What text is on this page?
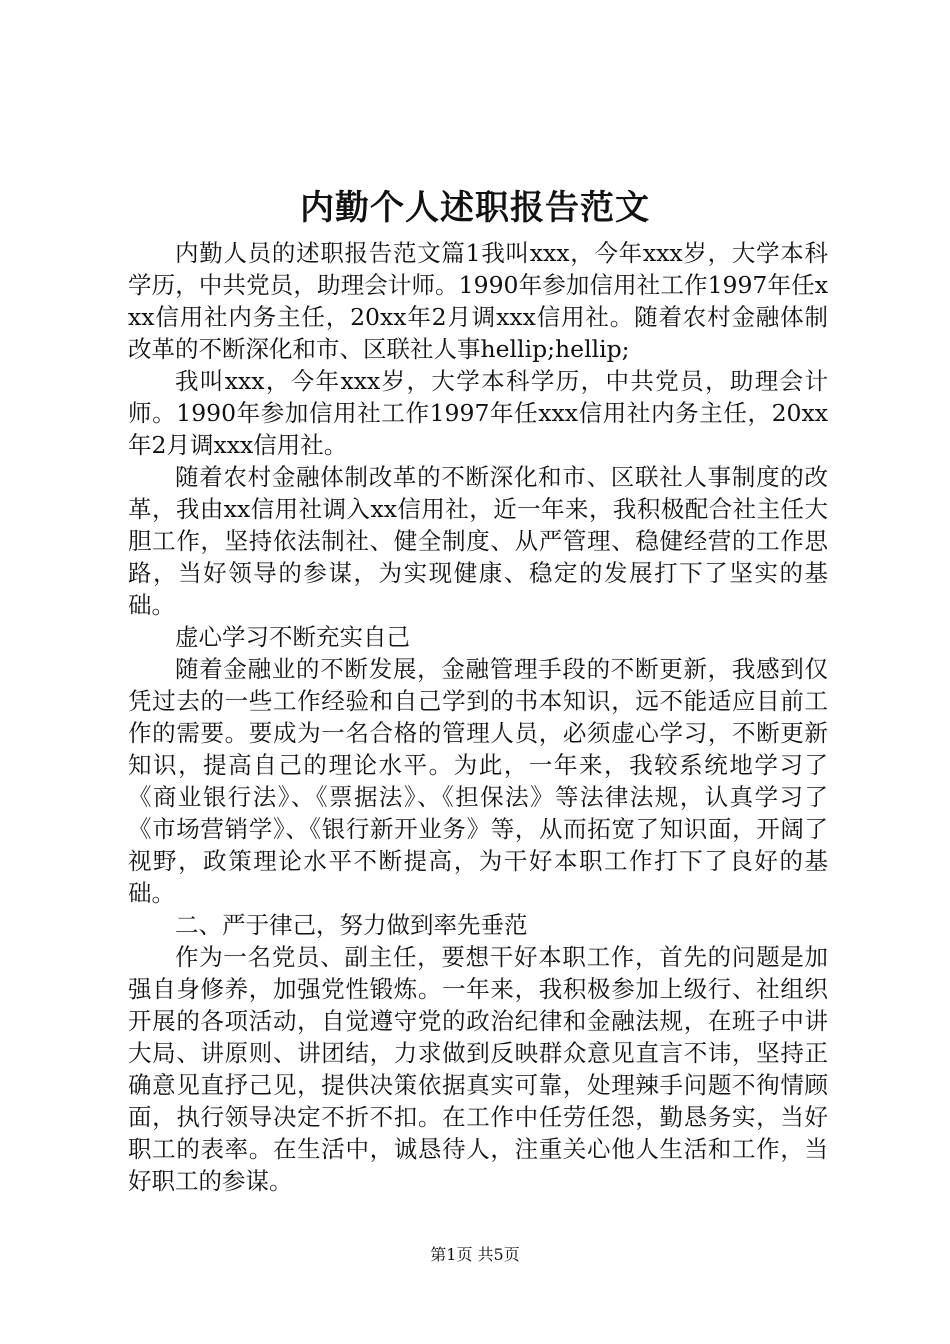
内勤个人述职报告范文

内勤人员的述职报告范文篇1我叫xxx，今年xxx岁，大学本科学历，中共党员，助理会计师。1990年参加信用社工作1997年任xxx信用社内务主任，20xx年2月调xxx信用社。随着农村金融体制改革的不断深化和市、区联社人事hellip;hellip;

我叫xxx，今年xxx岁，大学本科学历，中共党员，助理会计师。1990年参加信用社工作1997年任xxx信用社内务主任，20xx年2月调xxx信用社。

随着农村金融体制改革的不断深化和市、区联社人事制度的改革，我由xx信用社调入xx信用社，近一年来，我积极配合社主任大胆工作，坚持依法制社、健全制度、从严管理、稳健经营的工作思路，当好领导的参谋，为实现健康、稳定的发展打下了坚实的基础。

虚心学习不断充实自己

随着金融业的不断发展，金融管理手段的不断更新，我感到仅凭过去的一些工作经验和自己学到的书本知识，远不能适应目前工作的需要。要成为一名合格的管理人员，必须虚心学习，不断更新知识，提高自己的理论水平。为此，一年来，我较系统地学习了《商业银行法》、《票据法》、《担保法》等法律法规，认真学习了《市场营销学》、《银行新开业务》等，从而拓宽了知识面，开阔了视野，政策理论水平不断提高，为干好本职工作打下了良好的基础。

二、严于律己，努力做到率先垂范

作为一名党员、副主任，要想干好本职工作，首先的问题是加强自身修养，加强党性锻炼。一年来，我积极参加上级行、社组织开展的各项活动，自觉遵守党的政治纪律和金融法规，在班子中讲大局、讲原则、讲团结，力求做到反映群众意见直言不讳，坚持正确意见直抒己见，提供决策依据真实可靠，处理辣手问题不徇情顾面，执行领导决定不折不扣。在工作中任劳任怨，勤恳务实，当好职工的表率。在生活中，诚恳待人，注重关心他人生活和工作，当好职工的参谋。

第1页 共5页
